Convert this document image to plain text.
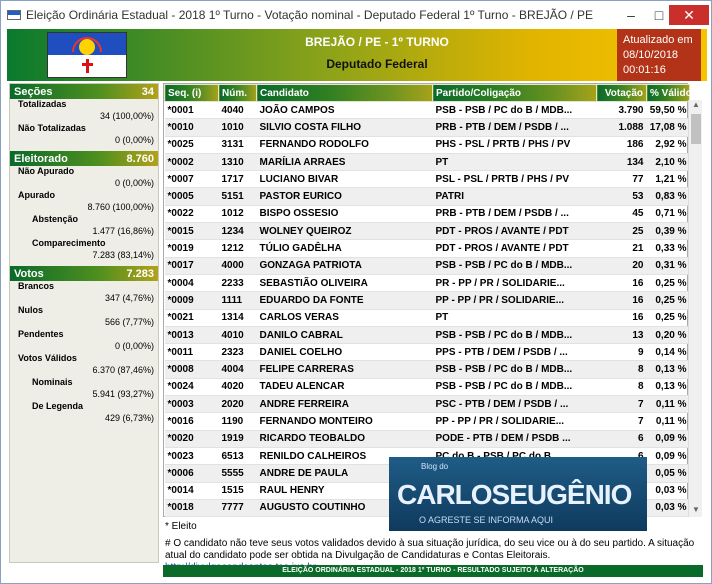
Eleição Ordinária Estadual - 2018 1º Turno - Votação nominal - Deputado Federal 1º Turno - BREJÃO / PE	–	□	✕
BREJÃO / PE - 1º TURNO
Deputado Federal
Atualizado em
08/10/2018
00:01:16
Seções	34
Totalizadas
34 (100,00%)
Não Totalizadas
0 (0,00%)
Eleitorado	8.760
Não Apurado
0 (0,00%)
Apurado
8.760 (100,00%)
Abstenção
1.477 (16,86%)
Comparecimento
7.283 (83,14%)
Votos	7.283
Brancos
347 (4,76%)
Nulos
566 (7,77%)
Pendentes
0 (0,00%)
Votos Válidos
6.370 (87,46%)
Nominais
5.941 (93,27%)
De Legenda
429 (6,73%)
Seq. (i)	Núm.	Candidato	Partido/Coligação	Votação	% Válidos
*0001	4040	JOÃO CAMPOS	PSB - PSB / PC do B / MDB...	3.790	59,50 %
*0010	1010	SILVIO COSTA FILHO	PRB - PTB / DEM / PSDB / ...	1.088	17,08 %
*0025	3131	FERNANDO RODOLFO	PHS - PSL / PRTB / PHS / PV	186	2,92 %
*0002	1310	MARÍLIA ARRAES	PT	134	2,10 %
*0007	1717	LUCIANO BIVAR	PSL - PSL / PRTB / PHS / PV	77	1,21 %
*0005	5151	PASTOR EURICO	PATRI	53	0,83 %
*0022	1012	BISPO OSSESIO	PRB - PTB / DEM / PSDB / ...	45	0,71 %
*0015	1234	WOLNEY QUEIROZ	PDT - PROS / AVANTE / PDT	25	0,39 %
*0019	1212	TÚLIO GADÊLHA	PDT - PROS / AVANTE / PDT	21	0,33 %
*0017	4000	GONZAGA PATRIOTA	PSB - PSB / PC do B / MDB...	20	0,31 %
*0004	2233	SEBASTIÃO OLIVEIRA	PR - PP / PR / SOLIDARIE...	16	0,25 %
*0009	1111	EDUARDO DA FONTE	PP - PP / PR / SOLIDARIE...	16	0,25 %
*0021	1314	CARLOS VERAS	PT	16	0,25 %
*0013	4010	DANILO CABRAL	PSB - PSB / PC do B / MDB...	13	0,20 %
*0011	2323	DANIEL COELHO	PPS - PTB / DEM / PSDB / ...	9	0,14 %
*0008	4004	FELIPE CARRERAS	PSB - PSB / PC do B / MDB...	8	0,13 %
*0024	4020	TADEU ALENCAR	PSB - PSB / PC do B / MDB...	8	0,13 %
*0003	2020	ANDRE FERREIRA	PSC - PTB / DEM / PSDB / ...	7	0,11 %
*0016	1190	FERNANDO MONTEIRO	PP - PP / PR / SOLIDARIE...	7	0,11 %
*0020	1919	RICARDO TEOBALDO	PODE - PTB / DEM / PSDB ...	6	0,09 %
*0023	6513	RENILDO CALHEIROS			0,09 %
*0006	5555	ANDRE DE PAULA			0,05 %
*0014	1515	RAUL HENRY			0,03 %
*0018	7777	AUGUSTO COUTINHO			0,03 %
▲
▼
Blog do
CARLOSEUGÊNIO
O AGRESTE SE INFORMA AQUI
* Eleito
# O candidato não teve seus votos validados devido à sua situação jurídica, do seu vice ou à do seu partido. A situação atual do candidato pode ser obtida na Divulgação de Candidaturas e Contas Eleitorais.
ELEIÇÃO ORDINÁRIA ESTADUAL - 2018 1º TURNO - RESULTADO SUJEITO À ALTERAÇÃO
